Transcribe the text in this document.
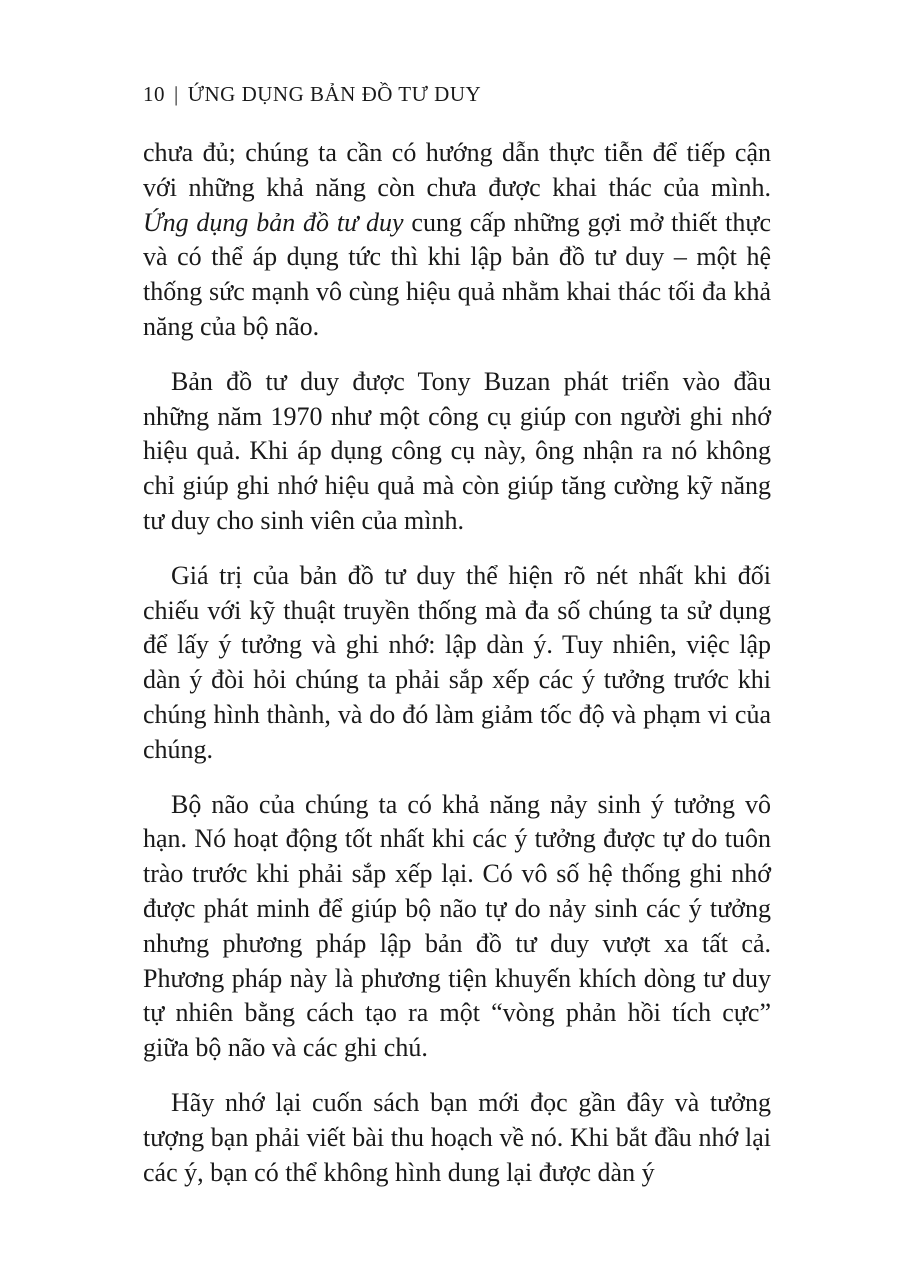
10 | ỨNG DỤNG BẢN ĐỒ TƯ DUY

chưa đủ; chúng ta cần có hướng dẫn thực tiễn để tiếp cận với những khả năng còn chưa được khai thác của mình. Ứng dụng bản đồ tư duy cung cấp những gợi mở thiết thực và có thể áp dụng tức thì khi lập bản đồ tư duy – một hệ thống sức mạnh vô cùng hiệu quả nhằm khai thác tối đa khả năng của bộ não.

Bản đồ tư duy được Tony Buzan phát triển vào đầu những năm 1970 như một công cụ giúp con người ghi nhớ hiệu quả. Khi áp dụng công cụ này, ông nhận ra nó không chỉ giúp ghi nhớ hiệu quả mà còn giúp tăng cường kỹ năng tư duy cho sinh viên của mình.

Giá trị của bản đồ tư duy thể hiện rõ nét nhất khi đối chiếu với kỹ thuật truyền thống mà đa số chúng ta sử dụng để lấy ý tưởng và ghi nhớ: lập dàn ý. Tuy nhiên, việc lập dàn ý đòi hỏi chúng ta phải sắp xếp các ý tưởng trước khi chúng hình thành, và do đó làm giảm tốc độ và phạm vi của chúng.

Bộ não của chúng ta có khả năng nảy sinh ý tưởng vô hạn. Nó hoạt động tốt nhất khi các ý tưởng được tự do tuôn trào trước khi phải sắp xếp lại. Có vô số hệ thống ghi nhớ được phát minh để giúp bộ não tự do nảy sinh các ý tưởng nhưng phương pháp lập bản đồ tư duy vượt xa tất cả. Phương pháp này là phương tiện khuyến khích dòng tư duy tự nhiên bằng cách tạo ra một “vòng phản hồi tích cực” giữa bộ não và các ghi chú.

Hãy nhớ lại cuốn sách bạn mới đọc gần đây và tưởng tượng bạn phải viết bài thu hoạch về nó. Khi bắt đầu nhớ lại các ý, bạn có thể không hình dung lại được dàn ý
